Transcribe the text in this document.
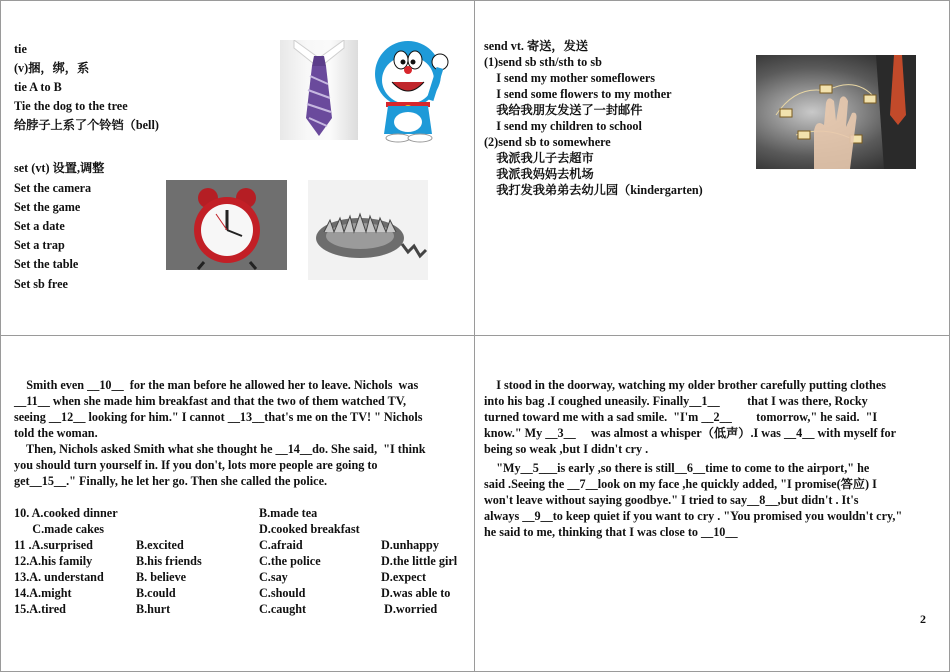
tie
(v)捆，绑，系
tie A to B
Tie the dog to the tree
给脖子上系了个铃铛（bell)
set (vt) 设置,调整
Set the camera
Set the game
Set a date
Set a trap
Set the table
Set sb free
send vt. 寄送，发送
(1)send sb sth/sth to sb
I send my mother someflowers
I send some flowers to my mother
我给我朋友发送了一封邮件
I send my children to school
(2)send sb to somewhere
我派我儿子去超市
我派我妈妈去机场
我打发我弟弟去幼儿园（kindergarten)
Smith even __10__  for the man before he allowed her to leave. Nichols  was
__11__ when she made him breakfast and that the two of them watched TV,
seeing __12__ looking for him." I cannot __13__that's me on the TV! " Nichols
told the woman.
Then, Nichols asked Smith what she thought he __14__do. She said,  "I think
you should turn yourself in. If you don't, lots more people are going to
get__15__." Finally, he let her go. Then she called the police.
10. A.cooked dinner	B.made tea
C.made cakes	D.cooked breakfast
11 .A.surprised	B.excited	C.afraid	D.unhappy
12.A.his family	B.his friends	C.the police	D.the little girl
13.A. understand	B. believe	C.say	D.expect
14.A.might	B.could	C.should	D.was able to
15.A.tired	B.hurt	C.caught	D.worried
I stood in the doorway, watching my older brother carefully putting clothes
into his bag .I coughed uneasily. Finally__1__         that I was there, Rocky
turned toward me with a sad smile.  "I'm __2__        tomorrow," he said.  "I
know." My __3__     was almost a whisper（低声）.I was __4__ with myself for
being so weak ,but I didn't cry .
"My__5___is early ,so there is still__6__time to come to the airport," he
said .Seeing the __7__look on my face ,he quickly added, "I promise(答应) I
won't leave without saying goodbye." I tried to say__8__,but didn't . It's
always __9__to keep quiet if you want to cry . "You promised you wouldn't cry,"
he said to me, thinking that I was close to __10__
2
